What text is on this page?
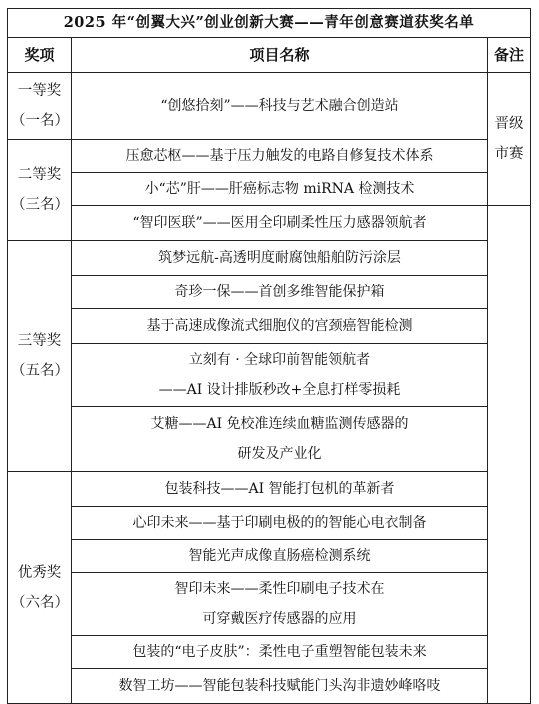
2025 年“创翼大兴”创业创新大赛——青年创意赛道获奖名单		
奖项	项目名称	备注

一等奖
（一名）	“创悠拾刻”——科技与艺术融合创造站	晋级
市赛

二等奖
（三名）	压愈芯枢——基于压力触发的电路自修复技术体系	

	小“芯”肝——肝癌标志物 miRNA 检测技术	

	“智印医联”——医用全印刷柔性压力感器领航者	

三等奖
（五名）	筑梦远航-高透明度耐腐蚀船舶防污涂层	

	奇珍一保——首创多维智能保护箱	

	基于高速成像流式细胞仪的宫颈癌智能检测	

	立刻有 · 全球印前智能领航者
——AI 设计排版秒改+全息打样零损耗	

	艾糖——AI 免校准连续血糖监测传感器的
研发及产业化	

优秀奖
（六名）	包装科技——AI 智能打包机的革新者	

	心印未来——基于印刷电极的的智能心电衣制备	

	智能光声成像直肠癌检测系统	

	智印未来——柔性印刷电子技术在
可穿戴医疗传感器的应用	

	包装的“电子皮肤”：柔性电子重塑智能包装未来	

	数智工坊——智能包装科技赋能门头沟非遗妙峰咯吱	
